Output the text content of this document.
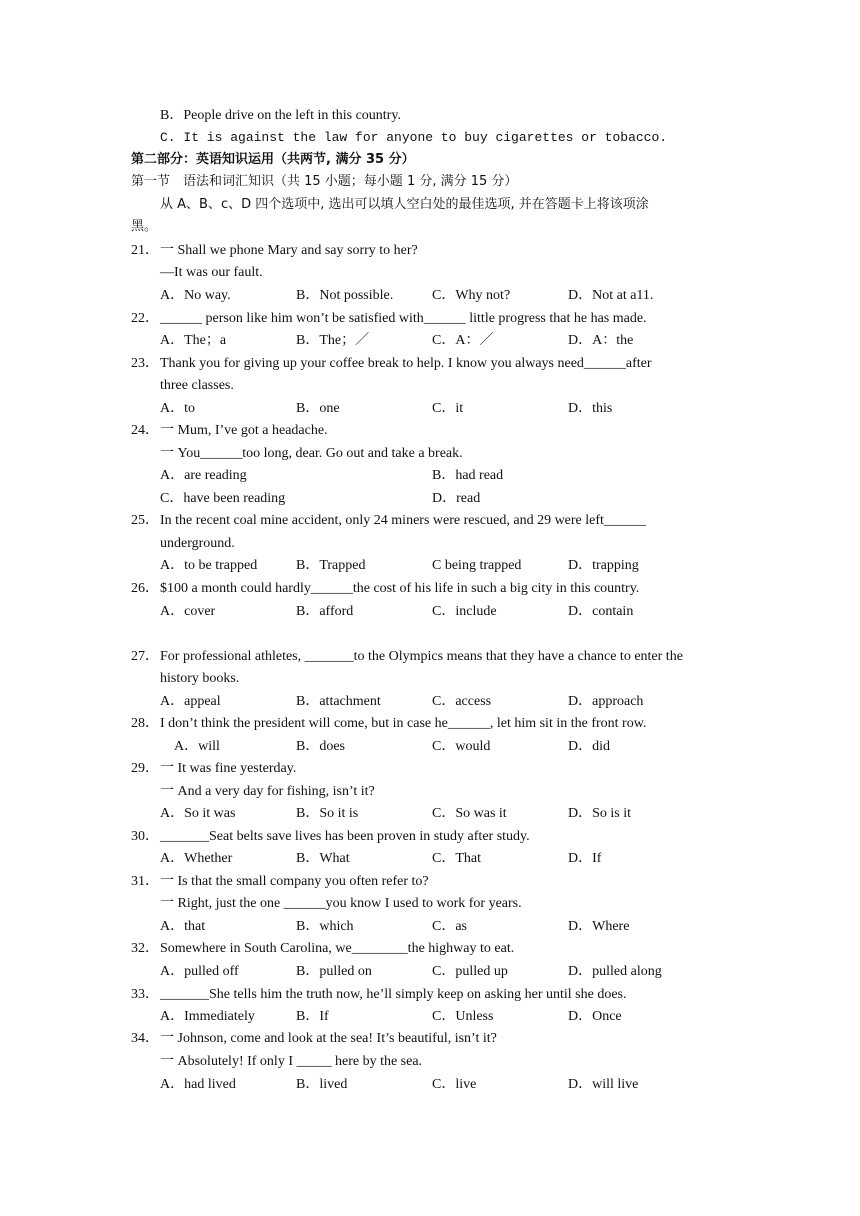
B．People drive on the left in this country.
C. It is against the law for anyone to buy cigarettes or tobacco.
第二部分：英语知识运用（共两节, 满分 35 分）
第一节　语法和词汇知识（共 15 小题；每小题 1 分, 满分 15 分）
从 A、B、c、D 四个选项中, 选出可以填人空白处的最佳选项, 并在答题卡上将该项涂
黑。
21． 一 Shall we phone Mary and say sorry to her?
—It was our fault.
A．No way.	B．Not possible.	C．Why not?	D．Not at a11.
22． ______ person like him won’t be satisfied with______ little progress that he has made.
A．The；a	B．The；／	C．A：／	D．A：the
23． Thank you for giving up your coffee break to help. I know you always need______after
three classes.
A．to	B．one	C．it	D．this
24． 一 Mum, I’ve got a headache.
一 You______too long, dear. Go out and take a break.
A．are reading	B．had read
C．have been reading	D．read
25． In the recent coal mine accident, only 24 miners were rescued, and 29 were left______
underground.
A．to be trapped	B．Trapped	C being trapped	D．trapping
26． $100 a month could hardly______the cost of his life in such a big city in this country.
A．cover	B．afford	C．include	D．contain
27． For professional athletes, _______to the Olympics means that they have a chance to enter the
history books.
A．appeal	B．attachment	C．access	D．approach
28． I don’t think the president will come, but in case he______, let him sit in the front row.
A．will	B．does	C．would	D．did
29． 一 It was fine yesterday.
一 And a very day for fishing, isn’t it?
A．So it was	B．So it is	C．So was it	D．So is it
30． _______Seat belts save lives has been proven in study after study.
A．Whether	B．What	C．That	D．If
31． 一 Is that the small company you often refer to?
一 Right, just the one ______you know I used to work for years.
A．that	B．which	C．as	D．Where
32． Somewhere in South Carolina, we________the highway to eat.
A．pulled off	B．pulled on	C．pulled up	D．pulled along
33． _______She tells him the truth now, he’ll simply keep on asking her until she does.
A．Immediately	B．If	C．Unless	D．Once
34． 一 Johnson, come and look at the sea! It’s beautiful, isn’t it?
一 Absolutely! If only I _____ here by the sea.
A．had lived	B．lived	C．live	D．will live
